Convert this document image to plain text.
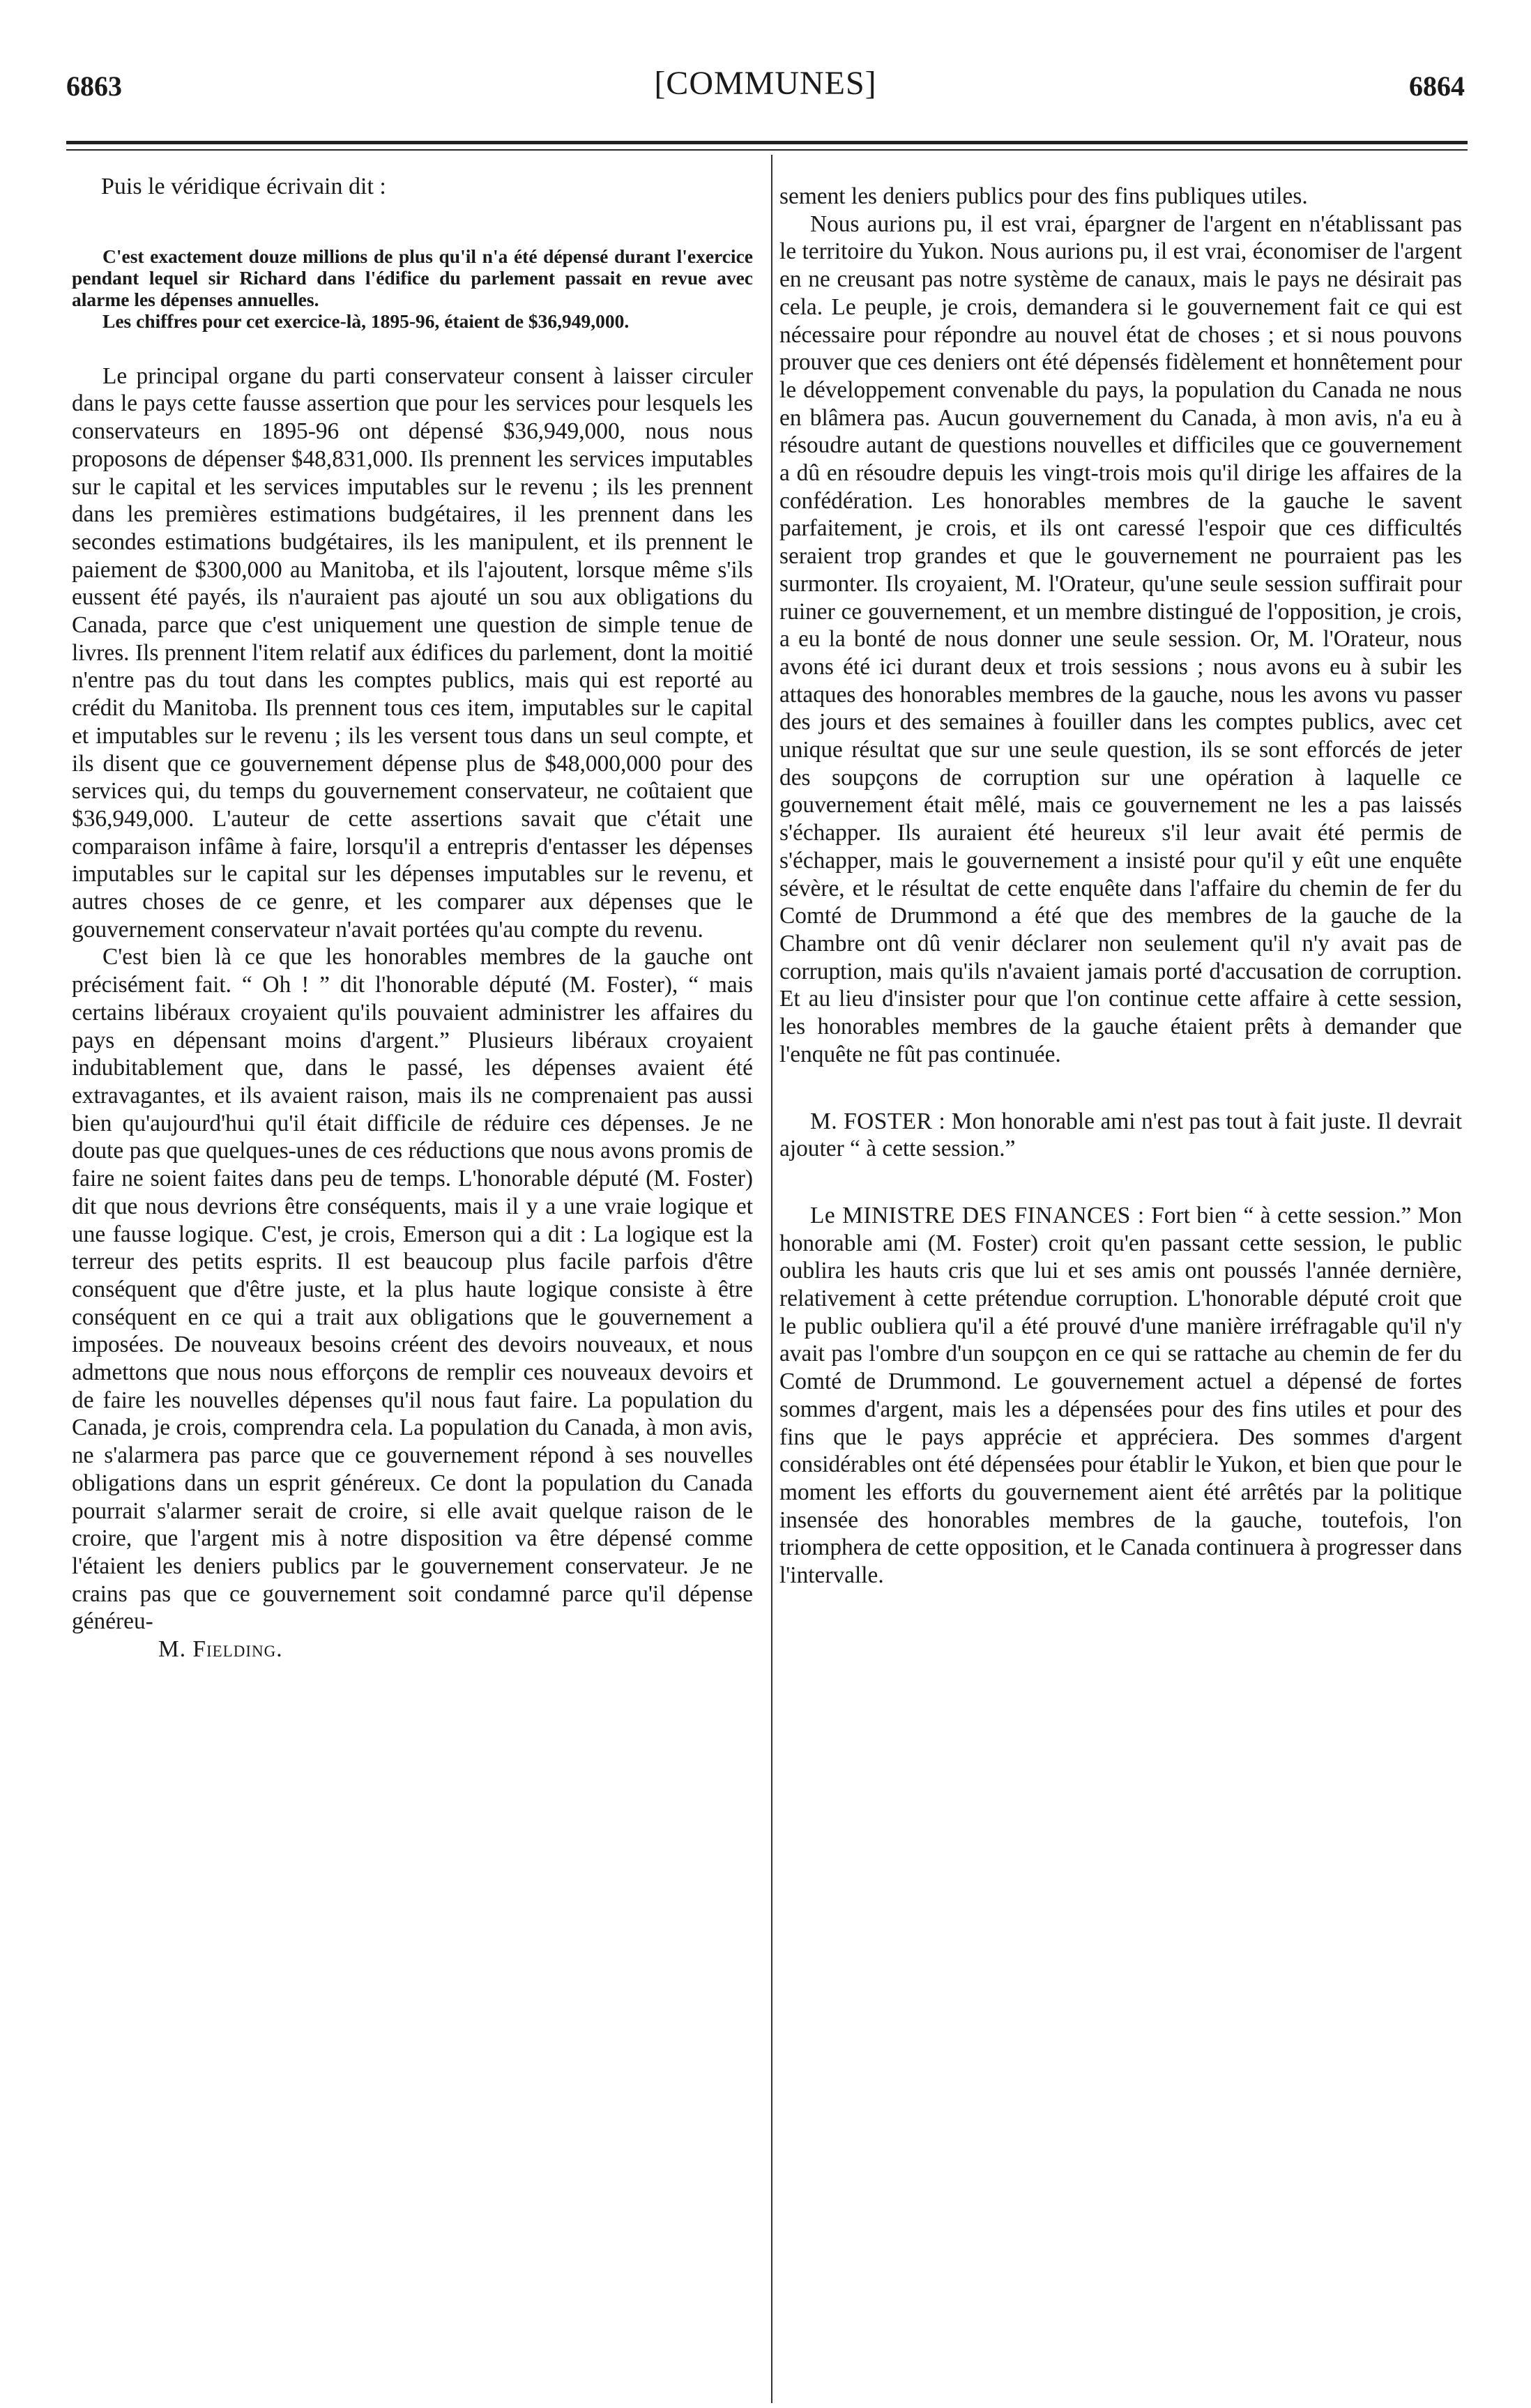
6863	[COMMUNES]	6864

Puis le véridique écrivain dit :

C'est exactement douze millions de plus qu'il n'a été dépensé durant l'exercice pendant lequel sir Richard dans l'édifice du parlement passait en revue avec alarme les dépenses annuelles.

Les chiffres pour cet exercice-là, 1895-96, étaient de $36,949,000.

Le principal organe du parti conservateur consent à laisser circuler dans le pays cette fausse assertion que pour les services pour lesquels les conservateurs en 1895-96 ont dépensé $36,949,000, nous nous proposons de dépenser $48,831,000. Ils prennent les services imputables sur le capital et les services imputables sur le revenu ; ils les prennent dans les premières estimations budgétaires, il les prennent dans les secondes estimations budgétaires, ils les manipulent, et ils prennent le paiement de $300,000 au Manitoba, et ils l'ajoutent, lorsque même s'ils eussent été payés, ils n'auraient pas ajouté un sou aux obligations du Canada, parce que c'est uniquement une question de simple tenue de livres. Ils prennent l'item relatif aux édifices du parlement, dont la moitié n'entre pas du tout dans les comptes publics, mais qui est reporté au crédit du Manitoba. Ils prennent tous ces item, imputables sur le capital et imputables sur le revenu ; ils les versent tous dans un seul compte, et ils disent que ce gouvernement dépense plus de $48,000,000 pour des services qui, du temps du gouvernement conservateur, ne coûtaient que $36,949,000. L'auteur de cette assertions savait que c'était une comparaison infâme à faire, lorsqu'il a entrepris d'entasser les dépenses imputables sur le capital sur les dépenses imputables sur le revenu, et autres choses de ce genre, et les comparer aux dépenses que le gouvernement conservateur n'avait portées qu'au compte du revenu.

C'est bien là ce que les honorables membres de la gauche ont précisément fait. “ Oh ! ” dit l'honorable député (M. Foster), “ mais certains libéraux croyaient qu'ils pouvaient administrer les affaires du pays en dépensant moins d'argent.” Plusieurs libéraux croyaient indubitablement que, dans le passé, les dépenses avaient été extravagantes, et ils avaient raison, mais ils ne comprenaient pas aussi bien qu'aujourd'hui qu'il était difficile de réduire ces dépenses. Je ne doute pas que quelques-unes de ces réductions que nous avons promis de faire ne soient faites dans peu de temps. L'honorable député (M. Foster) dit que nous devrions être conséquents, mais il y a une vraie logique et une fausse logique. C'est, je crois, Emerson qui a dit : La logique est la terreur des petits esprits. Il est beaucoup plus facile parfois d'être conséquent que d'être juste, et la plus haute logique consiste à être conséquent en ce qui a trait aux obligations que le gouvernement a imposées. De nouveaux besoins créent des devoirs nouveaux, et nous admettons que nous nous efforçons de remplir ces nouveaux devoirs et de faire les nouvelles dépenses qu'il nous faut faire. La population du Canada, je crois, comprendra cela. La population du Canada, à mon avis, ne s'alarmera pas parce que ce gouvernement répond à ses nouvelles obligations dans un esprit généreux. Ce dont la population du Canada pourrait s'alarmer serait de croire, si elle avait quelque raison de le croire, que l'argent mis à notre disposition va être dépensé comme l'étaient les deniers publics par le gouvernement conservateur. Je ne crains pas que ce gouvernement soit condamné parce qu'il dépense généreu-

M. Fielding.

sement les deniers publics pour des fins publiques utiles.

Nous aurions pu, il est vrai, épargner de l'argent en n'établissant pas le territoire du Yukon. Nous aurions pu, il est vrai, économiser de l'argent en ne creusant pas notre système de canaux, mais le pays ne désirait pas cela. Le peuple, je crois, demandera si le gouvernement fait ce qui est nécessaire pour répondre au nouvel état de choses ; et si nous pouvons prouver que ces deniers ont été dépensés fidèlement et honnêtement pour le développement convenable du pays, la population du Canada ne nous en blâmera pas. Aucun gouvernement du Canada, à mon avis, n'a eu à résoudre autant de questions nouvelles et difficiles que ce gouvernement a dû en résoudre depuis les vingt-trois mois qu'il dirige les affaires de la confédération. Les honorables membres de la gauche le savent parfaitement, je crois, et ils ont caressé l'espoir que ces difficultés seraient trop grandes et que le gouvernement ne pourraient pas les surmonter. Ils croyaient, M. l'Orateur, qu'une seule session suffirait pour ruiner ce gouvernement, et un membre distingué de l'opposition, je crois, a eu la bonté de nous donner une seule session. Or, M. l'Orateur, nous avons été ici durant deux et trois sessions ; nous avons eu à subir les attaques des honorables membres de la gauche, nous les avons vu passer des jours et des semaines à fouiller dans les comptes publics, avec cet unique résultat que sur une seule question, ils se sont efforcés de jeter des soupçons de corruption sur une opération à laquelle ce gouvernement était mêlé, mais ce gouvernement ne les a pas laissés s'échapper. Ils auraient été heureux s'il leur avait été permis de s'échapper, mais le gouvernement a insisté pour qu'il y eût une enquête sévère, et le résultat de cette enquête dans l'affaire du chemin de fer du Comté de Drummond a été que des membres de la gauche de la Chambre ont dû venir déclarer non seulement qu'il n'y avait pas de corruption, mais qu'ils n'avaient jamais porté d'accusation de corruption. Et au lieu d'insister pour que l'on continue cette affaire à cette session, les honorables membres de la gauche étaient prêts à demander que l'enquête ne fût pas continuée.

M. FOSTER : Mon honorable ami n'est pas tout à fait juste. Il devrait ajouter “ à cette session.”

Le MINISTRE DES FINANCES : Fort bien “ à cette session.” Mon honorable ami (M. Foster) croit qu'en passant cette session, le public oublira les hauts cris que lui et ses amis ont poussés l'année dernière, relativement à cette prétendue corruption. L'honorable député croit que le public oubliera qu'il a été prouvé d'une manière irréfragable qu'il n'y avait pas l'ombre d'un soupçon en ce qui se rattache au chemin de fer du Comté de Drummond. Le gouvernement actuel a dépensé de fortes sommes d'argent, mais les a dépensées pour des fins utiles et pour des fins que le pays apprécie et appréciera. Des sommes d'argent considérables ont été dépensées pour établir le Yukon, et bien que pour le moment les efforts du gouvernement aient été arrêtés par la politique insensée des honorables membres de la gauche, toutefois, l'on triomphera de cette opposition, et le Canada continuera à progresser dans l'intervalle.
